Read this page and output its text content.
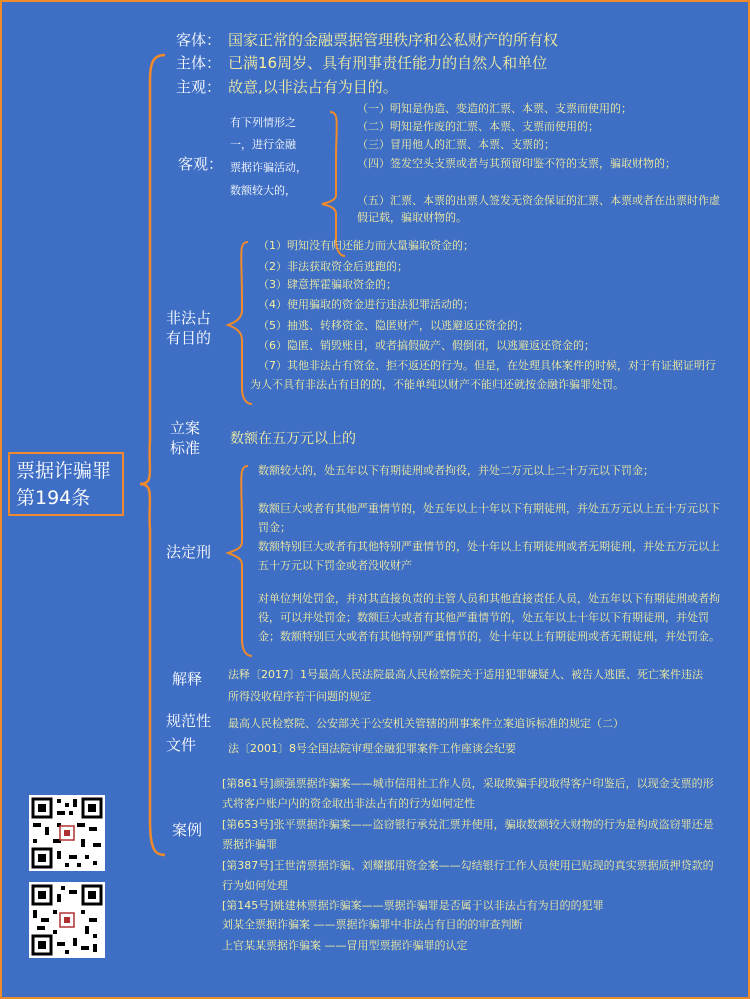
票据诈骗罪
第194条
客体： 国家正常的金融票据管理秩序和公私财产的所有权
主体： 已满16周岁、具有刑事责任能力的自然人和单位
主观： 故意,以非法占有为目的。
客观：
有下列情形之
一，进行金融
票据诈骗活动，
数额较大的，
（一）明知是伪造、变造的汇票、本票、支票而使用的；
（二）明知是作废的汇票、本票、支票而使用的；
（三）冒用他人的汇票、本票、支票的；
（四）签发空头支票或者与其预留印鉴不符的支票，骗取财物的；
（五）汇票、本票的出票人签发无资金保证的汇票、本票或者在出票时作虚假记载，骗取财物的。
非法占
有目的
（1）明知没有归还能力而大量骗取资金的；
（2）非法获取资金后逃跑的；
（3）肆意挥霍骗取资金的；
（4）使用骗取的资金进行违法犯罪活动的；
（5）抽逃、转移资金、隐匿财产，以逃避返还资金的；
（6）隐匿、销毁账目，或者搞假破产、假倒闭，以逃避返还资金的；
（7）其他非法占有资金、拒不返还的行为。但是，在处理具体案件的时候，对于有证据证明行为人不具有非法占有目的的，不能单纯以财产不能归还就按金融诈骗罪处罚。
立案
标准 数额在五万元以上的
法定刑
数额较大的，处五年以下有期徒刑或者拘役，并处二万元以上二十万元以下罚金；
数额巨大或者有其他严重情节的，处五年以上十年以下有期徒刑，并处五万元以上五十万元以下罚金；
数额特别巨大或者有其他特别严重情节的，处十年以上有期徒刑或者无期徒刑，并处五万元以上五十万元以下罚金或者没收财产
对单位判处罚金，并对其直接负责的主管人员和其他直接责任人员，处五年以下有期徒刑或者拘役，可以并处罚金；数额巨大或者有其他严重情节的，处五年以上十年以下有期徒刑，并处罚金；数额特别巨大或者有其他特别严重情节的，处十年以上有期徒刑或者无期徒刑，并处罚金。
解释 法释〔2017〕1号最高人民法院最高人民检察院关于适用犯罪嫌疑人、被告人逃匿、死亡案件违法所得没收程序若干问题的规定
规范性
文件
最高人民检察院、公安部关于公安机关管辖的刑事案件立案追诉标准的规定（二）
法〔2001〕8号全国法院审理金融犯罪案件工作座谈会纪要
案例
[第861号]颜强票据诈骗案——城市信用社工作人员，采取欺骗手段取得客户印鉴后，以现金支票的形式将客户账户内的资金取出非法占有的行为如何定性
[第653号]张平票据诈骗案——盗窃银行承兑汇票并使用，骗取数额较大财物的行为是构成盗窃罪还是票据诈骗罪
[第387号]王世清票据诈骗、刘耀挪用资金案——勾结银行工作人员使用已贴现的真实票据质押贷款的行为如何处理
[第145号]姚建林票据诈骗案——票据诈骗罪是否属于以非法占有为目的的犯罪
刘某全票据诈骗案 ——票据诈骗罪中非法占有目的的审查判断
上官某某票据诈骗案 ——冒用型票据诈骗罪的认定
